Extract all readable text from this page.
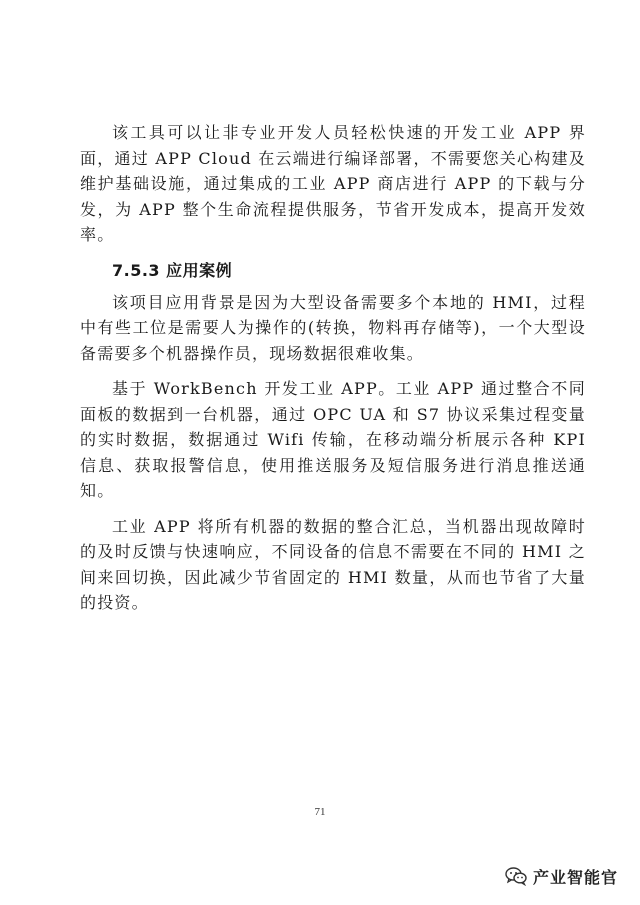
该工具可以让非专业开发人员轻松快速的开发工业 APP 界面，通过 APP Cloud 在云端进行编译部署，不需要您关心构建及维护基础设施，通过集成的工业 APP 商店进行 APP 的下载与分发，为 APP 整个生命流程提供服务，节省开发成本，提高开发效率。

7.5.3 应用案例

该项目应用背景是因为大型设备需要多个本地的 HMI，过程中有些工位是需要人为操作的(转换，物料再存储等)，一个大型设备需要多个机器操作员，现场数据很难收集。

基于 WorkBench 开发工业 APP。工业 APP 通过整合不同面板的数据到一台机器，通过 OPC UA 和 S7 协议采集过程变量的实时数据，数据通过 Wifi 传输，在移动端分析展示各种 KPI 信息、获取报警信息，使用推送服务及短信服务进行消息推送通知。

工业 APP 将所有机器的数据的整合汇总，当机器出现故障时的及时反馈与快速响应，不同设备的信息不需要在不同的 HMI 之间来回切换，因此减少节省固定的 HMI 数量，从而也节省了大量的投资。

71
产业智能官
